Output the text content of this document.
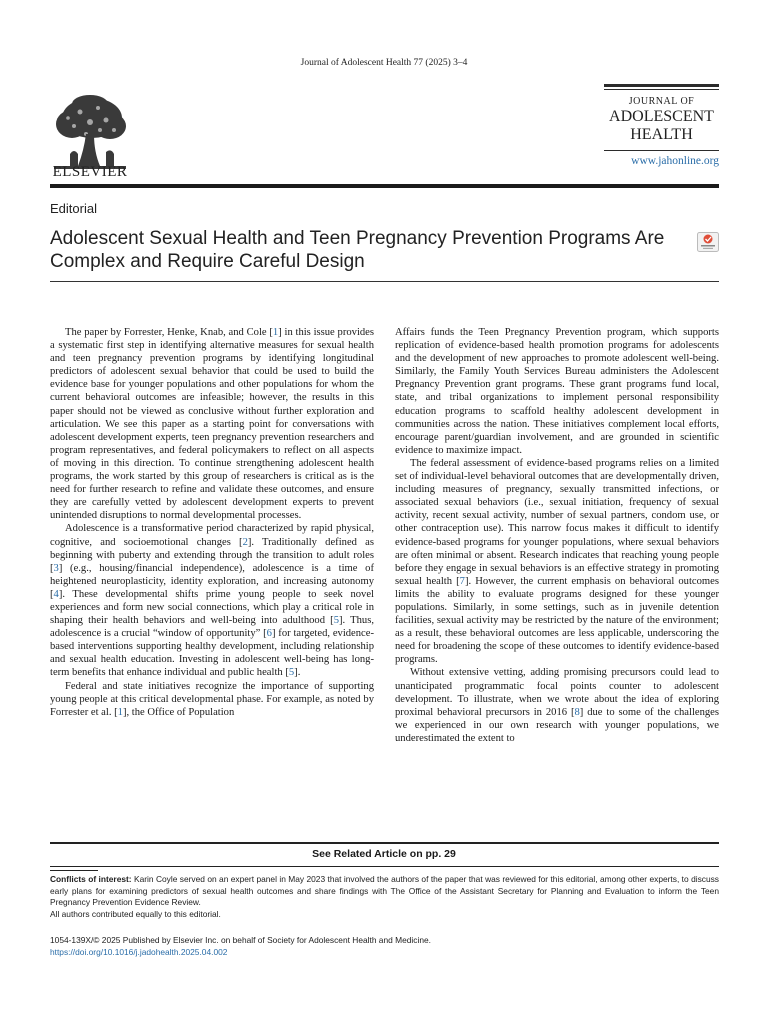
Journal of Adolescent Health 77 (2025) 3–4
ELSEVIER
JOURNAL OF
ADOLESCENT
HEALTH
www.jahonline.org
Editorial
Adolescent Sexual Health and Teen Pregnancy Prevention Programs Are Complex and Require Careful Design

The paper by Forrester, Henke, Knab, and Cole [1] in this issue provides a systematic first step in identifying alternative measures for sexual health and teen pregnancy prevention programs by identifying longitudinal predictors of adolescent sexual behavior that could be used to build the evidence base for younger populations and other populations for whom the current behavioral outcomes are infeasible; however, the results in this paper should not be viewed as conclusive without further exploration and articulation. We see this paper as a starting point for conversations with adolescent development experts, teen pregnancy prevention researchers and program representatives, and federal policymakers to reflect on all aspects of moving in this direction. To continue strengthening adolescent health programs, the work started by this group of researchers is critical as is the need for further research to refine and validate these outcomes, and ensure they are carefully vetted by adolescent development experts to prevent unintended disruptions to normal developmental processes.

Adolescence is a transformative period characterized by rapid physical, cognitive, and socioemotional changes [2]. Traditionally defined as beginning with puberty and extending through the transition to adult roles [3] (e.g., housing/financial independence), adolescence is a time of heightened neuroplasticity, identity exploration, and increasing autonomy [4]. These developmental shifts prime young people to seek novel experiences and form new social connections, which play a critical role in shaping their health behaviors and well-being into adulthood [5]. Thus, adolescence is a crucial “window of opportunity” [6] for targeted, evidence-based interventions supporting healthy development, including relationship and sexual health education. Investing in adolescent well-being has long-term benefits that enhance individual and public health [5].

Federal and state initiatives recognize the importance of supporting young people at this critical developmental phase. For example, as noted by Forrester et al. [1], the Office of Population

Affairs funds the Teen Pregnancy Prevention program, which supports replication of evidence-based health promotion programs for adolescents and the development of new approaches to promote adolescent well-being. Similarly, the Family Youth Services Bureau administers the Adolescent Pregnancy Prevention grant programs. These grant programs fund local, state, and tribal organizations to implement personal responsibility education programs to scaffold healthy adolescent development in communities across the nation. These initiatives complement local efforts, encourage parent/guardian involvement, and are grounded in scientific evidence to maximize impact.

The federal assessment of evidence-based programs relies on a limited set of individual-level behavioral outcomes that are developmentally driven, including measures of pregnancy, sexually transmitted infections, or associated sexual behaviors (i.e., sexual initiation, frequency of sexual activity, recent sexual activity, number of sexual partners, condom use, or other contraception use). This narrow focus makes it difficult to identify evidence-based programs for younger populations, where sexual behaviors are often minimal or absent. Research indicates that reaching young people before they engage in sexual behaviors is an effective strategy in promoting sexual health [7]. However, the current emphasis on behavioral outcomes limits the ability to evaluate programs designed for these younger populations. Similarly, in some settings, such as in juvenile detention facilities, sexual activity may be restricted by the nature of the environment; as a result, these behavioral outcomes are less applicable, underscoring the need for broadening the scope of these outcomes to identify evidence-based programs.

Without extensive vetting, adding promising precursors could lead to unanticipated programmatic focal points counter to adolescent development. To illustrate, when we wrote about the idea of exploring proximal behavioral precursors in 2016 [8] due to some of the challenges we experienced in our own research with younger populations, we underestimated the extent to

See Related Article on pp. 29

Conflicts of interest: Karin Coyle served on an expert panel in May 2023 that involved the authors of the paper that was reviewed for this editorial, among other experts, to discuss early plans for examining predictors of sexual health outcomes and share findings with The Office of the Assistant Secretary for Planning and Evaluation to inform the Teen Pregnancy Prevention Evidence Review.

All authors contributed equally to this editorial.

1054-139X/© 2025 Published by Elsevier Inc. on behalf of Society for Adolescent Health and Medicine.
https://doi.org/10.1016/j.jadohealth.2025.04.002
